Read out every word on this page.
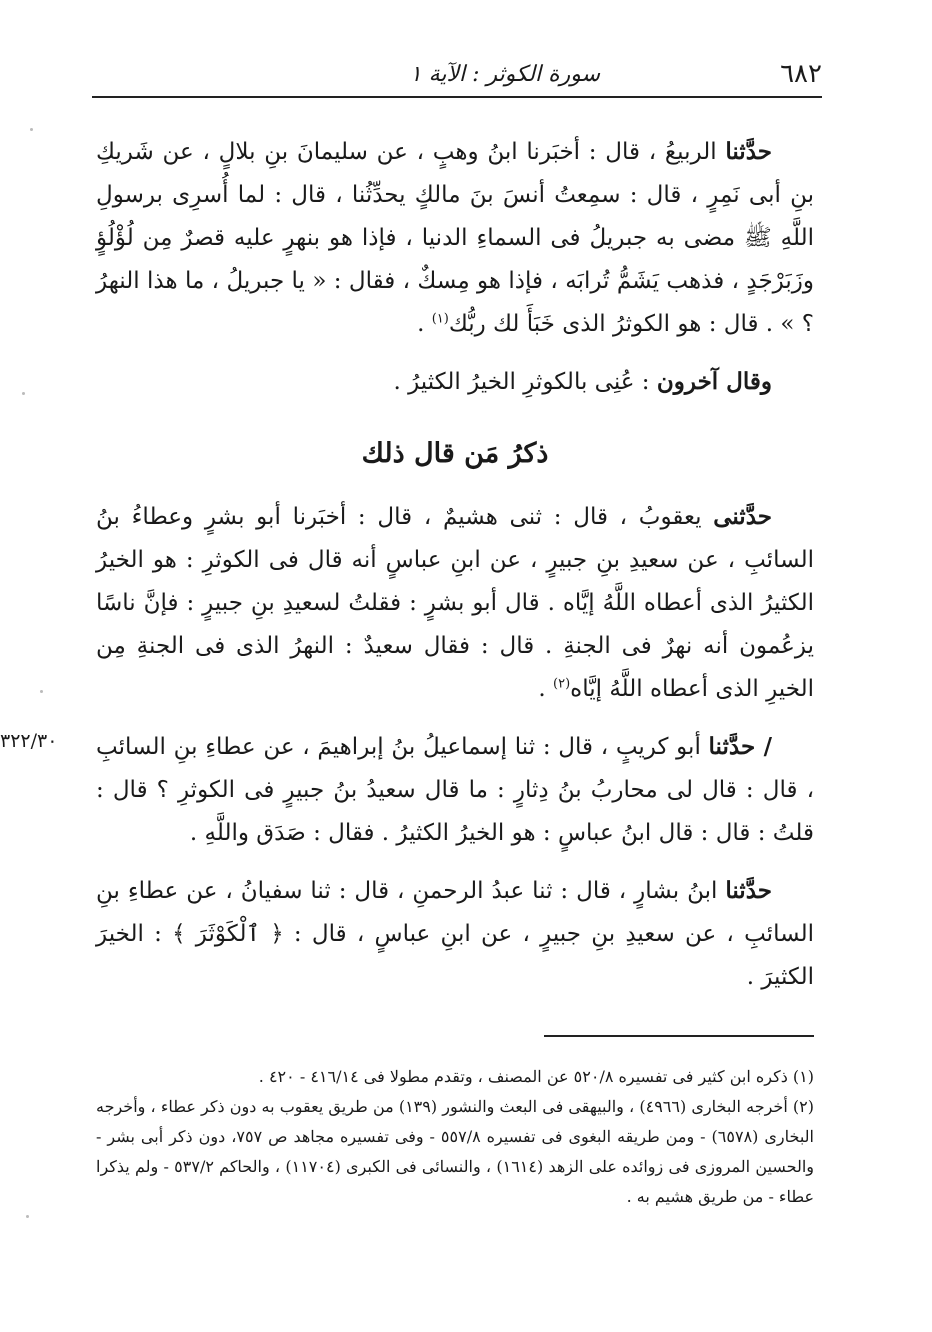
٦٨٢
سورة الكوثر : الآية ١
٣٢٢/٣٠

حدَّثنا الربيعُ ، قال : أخبَرنا ابنُ وهبٍ ، عن سليمانَ بنِ بلالٍ ، عن شَريكِ بنِ أبى نَمِرٍ ، قال : سمِعتُ أنسَ بنَ مالكٍ يحدِّثُنا ، قال : لما أُسرِى برسولِ اللَّهِ ﷺ مضى به جبريلُ فى السماءِ الدنيا ، فإذا هو بنهرٍ عليه قصرٌ مِن لُؤْلُؤٍ وزَبَرْجَدٍ ، فذهب يَشَمُّ تُرابَه ، فإذا هو مِسكٌ ، فقال : « يا جبريلُ ، ما هذا النهرُ ؟ » . قال : هو الكوثرُ الذى خَبَأَ لك ربُّك$^{(١)}$ .

وقال آخرون : عُنِى بالكوثرِ الخيرُ الكثيرُ .

ذكرُ مَن قال ذلك

حدَّثنى يعقوبُ ، قال : ثنى هشيمٌ ، قال : أخبَرنا أبو بشرٍ وعطاءُ بنُ السائبِ ، عن سعيدِ بنِ جبيرٍ ، عن ابنِ عباسٍ أنه قال فى الكوثرِ : هو الخيرُ الكثيرُ الذى أعطاه اللَّهُ إيَّاه . قال أبو بشرٍ : فقلتُ لسعيدِ بنِ جبيرٍ : فإنَّ ناسًا يزعُمون أنه نهرٌ فى الجنةِ . قال : فقال سعيدٌ : النهرُ الذى فى الجنةِ مِن الخيرِ الذى أعطاه اللَّهُ إيَّاه$^{(٢)}$ .

/ حدَّثنا أبو كريبٍ ، قال : ثنا إسماعيلُ بنُ إبراهيمَ ، عن عطاءِ بنِ السائبِ ، قال : قال لى محاربُ بنُ دِثارٍ : ما قال سعيدُ بنُ جبيرٍ فى الكوثرِ ؟ قال : قلتُ : قال : قال ابنُ عباسٍ : هو الخيرُ الكثيرُ . فقال : صَدَق واللَّهِ .

حدَّثنا ابنُ بشارٍ ، قال : ثنا عبدُ الرحمنِ ، قال : ثنا سفيانُ ، عن عطاءِ بنِ السائبِ ، عن سعيدِ بنِ جبيرٍ ، عن ابنِ عباسٍ ، قال : ﴿ ٱلْكَوْثَرَ ﴾ : الخيرَ الكثيرَ .

(١) ذكره ابن كثير فى تفسيره ٥٢٠/٨ عن المصنف ، وتقدم مطولا فى ٤١٦/١٤ - ٤٢٠ .

(٢) أخرجه البخارى (٤٩٦٦) ، والبيهقى فى البعث والنشور (١٣٩) من طريق يعقوب به دون ذكر عطاء ، وأخرجه البخارى (٦٥٧٨) - ومن طريقه البغوى فى تفسيره ٥٥٧/٨ - وفى تفسيره مجاهد ص ٧٥٧، دون ذكر أبى بشر - والحسين المروزى فى زوائده على الزهد (١٦١٤) ، والنسائى فى الكبرى (١١٧٠٤) ، والحاكم ٥٣٧/٢ - ولم يذكرا عطاء - من طريق هشيم به .
